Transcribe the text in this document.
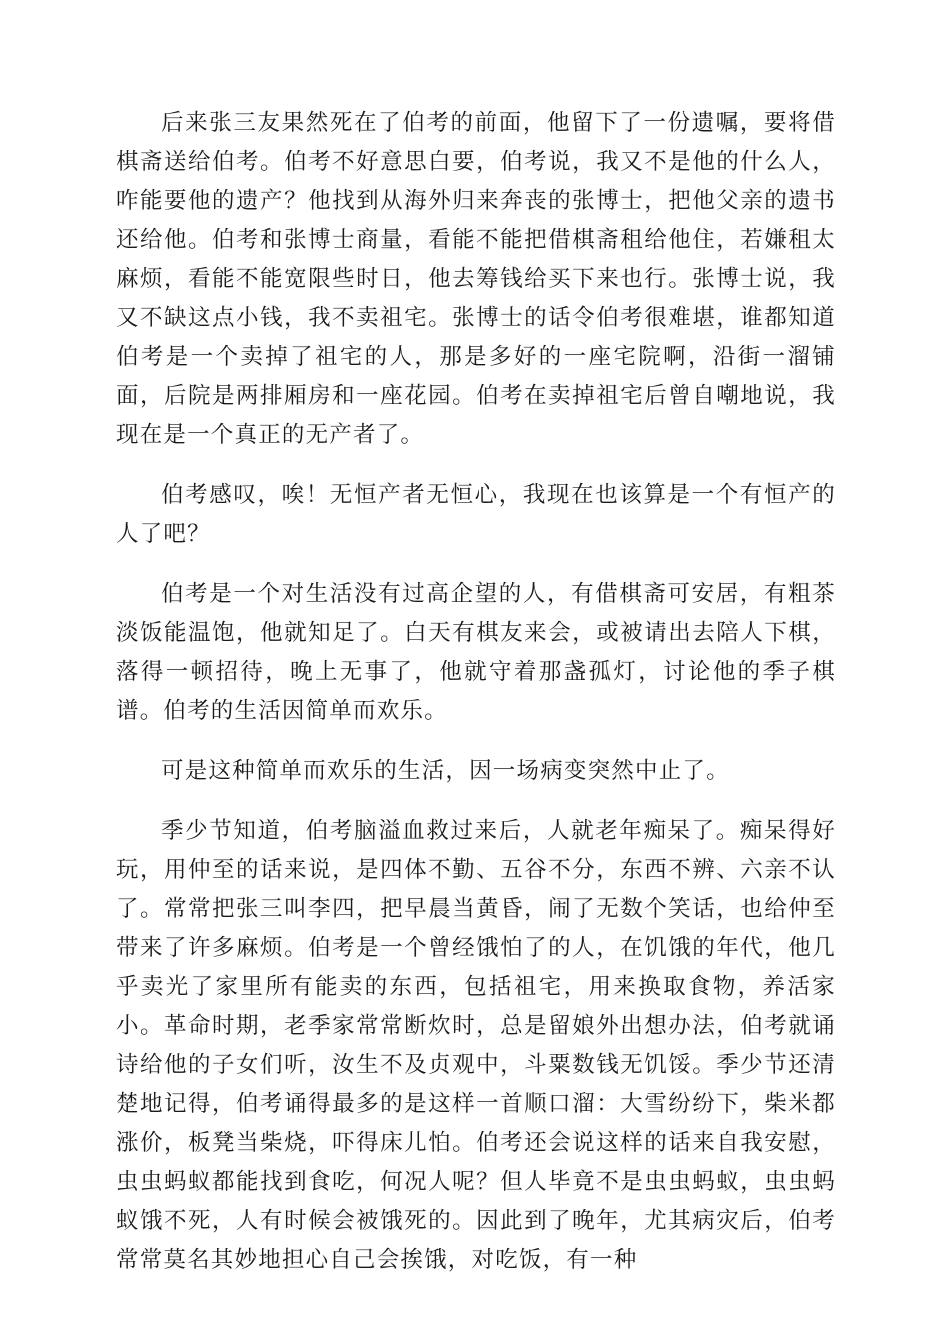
后来张三友果然死在了伯考的前面，他留下了一份遗嘱，要将借棋斋送给伯考。伯考不好意思白要，伯考说，我又不是他的什么人，咋能要他的遗产？他找到从海外归来奔丧的张博士，把他父亲的遗书还给他。伯考和张博士商量，看能不能把借棋斋租给他住，若嫌租太麻烦，看能不能宽限些时日，他去筹钱给买下来也行。张博士说，我又不缺这点小钱，我不卖祖宅。张博士的话令伯考很难堪，谁都知道伯考是一个卖掉了祖宅的人，那是多好的一座宅院啊，沿街一溜铺面，后院是两排厢房和一座花园。伯考在卖掉祖宅后曾自嘲地说，我现在是一个真正的无产者了。

伯考感叹，唉！无恒产者无恒心，我现在也该算是一个有恒产的人了吧？

伯考是一个对生活没有过高企望的人，有借棋斋可安居，有粗茶淡饭能温饱，他就知足了。白天有棋友来会，或被请出去陪人下棋，落得一顿招待，晚上无事了，他就守着那盏孤灯，讨论他的季子棋谱。伯考的生活因简单而欢乐。

可是这种简单而欢乐的生活，因一场病变突然中止了。

季少节知道，伯考脑溢血救过来后，人就老年痴呆了。痴呆得好玩，用仲至的话来说，是四体不勤、五谷不分，东西不辨、六亲不认了。常常把张三叫李四，把早晨当黄昏，闹了无数个笑话，也给仲至带来了许多麻烦。伯考是一个曾经饿怕了的人，在饥饿的年代，他几乎卖光了家里所有能卖的东西，包括祖宅，用来换取食物，养活家小。革命时期，老季家常常断炊时，总是留娘外出想办法，伯考就诵诗给他的子女们听，汝生不及贞观中，斗粟数钱无饥馁。季少节还清楚地记得，伯考诵得最多的是这样一首顺口溜：大雪纷纷下，柴米都涨价，板凳当柴烧，吓得床儿怕。伯考还会说这样的话来自我安慰，虫虫蚂蚁都能找到食吃，何况人呢？但人毕竟不是虫虫蚂蚁，虫虫蚂蚁饿不死，人有时候会被饿死的。因此到了晚年，尤其病灾后，伯考常常莫名其妙地担心自己会挨饿，对吃饭，有一种
